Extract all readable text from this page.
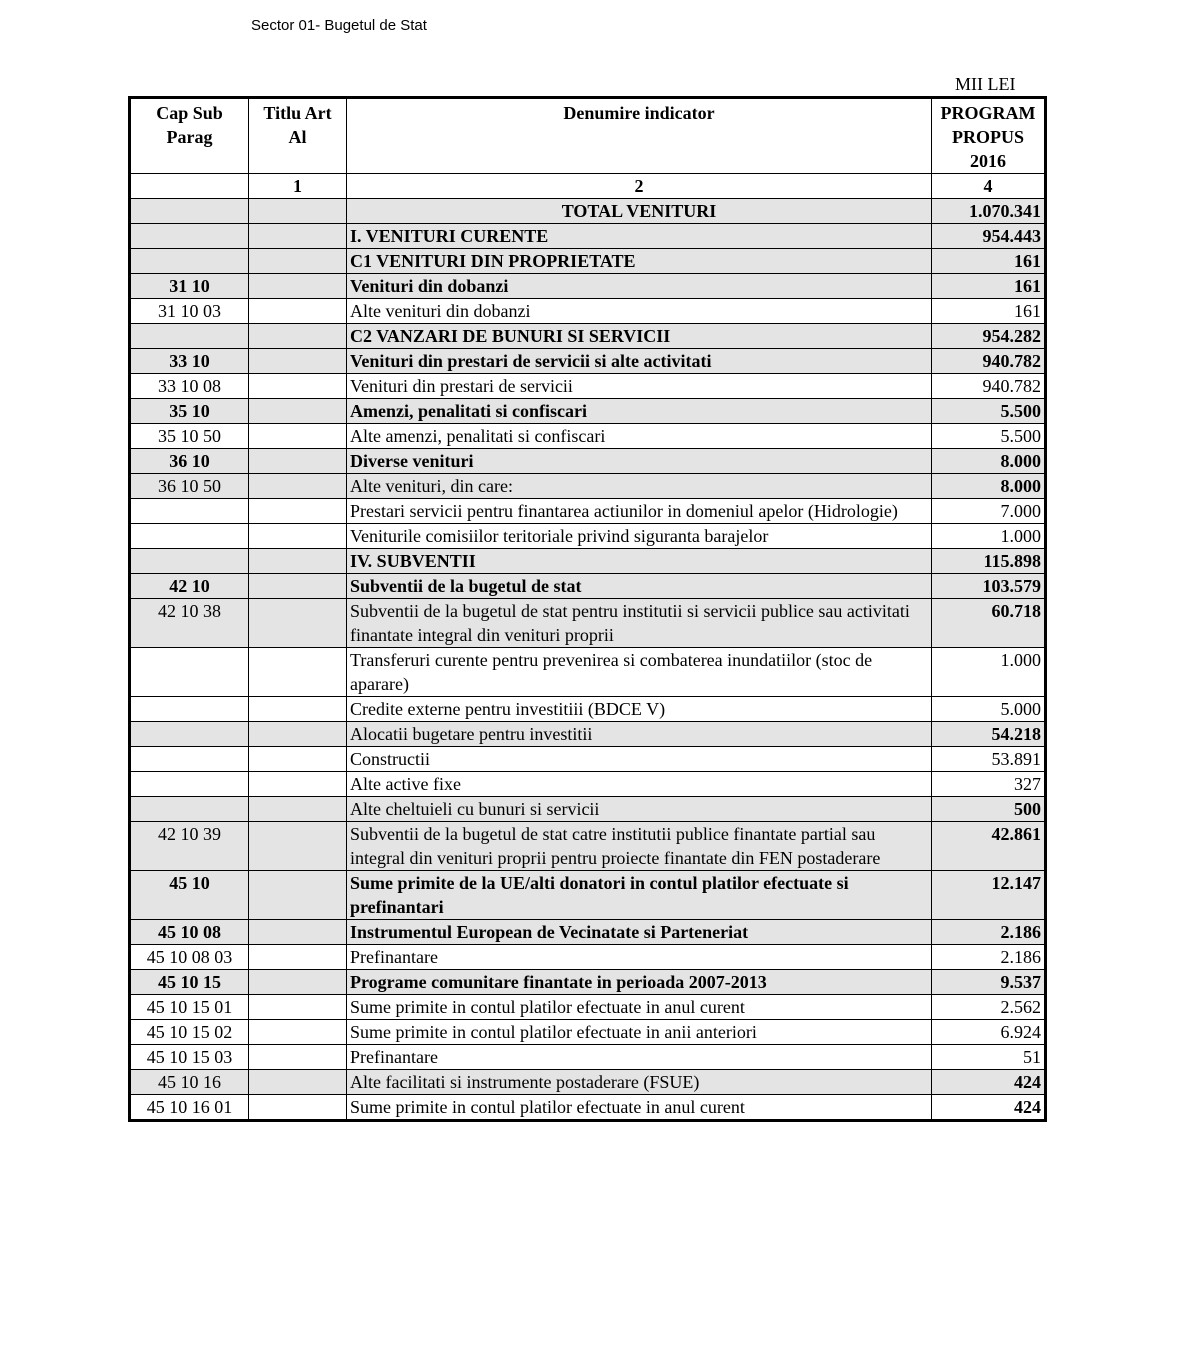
Sector 01- Bugetul de Stat
MII LEI
Cap Sub Parag	Titlu Art Al	Denumire indicator	PROGRAM PROPUS 2016
	1	2	4
		TOTAL VENITURI	1.070.341
		I. VENITURI CURENTE	954.443
		C1 VENITURI DIN PROPRIETATE	161
31 10		Venituri din dobanzi	161
31 10 03		Alte venituri din dobanzi	161
		C2 VANZARI DE BUNURI SI SERVICII	954.282
33 10		Venituri din prestari de servicii si alte activitati	940.782
33 10 08		Venituri din prestari de servicii	940.782
35 10		Amenzi, penalitati si confiscari	5.500
35 10 50		Alte amenzi, penalitati si confiscari	5.500
36 10		Diverse venituri	8.000
36 10 50		Alte venituri, din care:	8.000
		Prestari servicii pentru finantarea actiunilor in domeniul apelor (Hidrologie)	7.000
		Veniturile comisiilor teritoriale privind siguranta barajelor	1.000
		IV. SUBVENTII	115.898
42 10		Subventii de la bugetul de stat	103.579
42 10 38		Subventii de la bugetul de stat pentru institutii si servicii publice sau activitati finantate integral din venituri proprii	60.718
		Transferuri curente pentru prevenirea si combaterea inundatiilor (stoc de aparare)	1.000
		Credite externe pentru investitiii (BDCE V)	5.000
		Alocatii bugetare pentru investitii	54.218
		Constructii	53.891
		Alte active fixe	327
		Alte cheltuieli cu bunuri si servicii	500
42 10 39		Subventii de la bugetul de stat catre institutii publice finantate partial sau integral din venituri proprii pentru proiecte finantate din FEN postaderare	42.861
45 10		Sume primite de la UE/alti donatori in contul platilor efectuate si prefinantari	12.147
45 10 08		Instrumentul European de Vecinatate si Parteneriat	2.186
45 10 08 03		Prefinantare	2.186
45 10 15		Programe comunitare finantate in perioada 2007-2013	9.537
45 10 15 01		Sume primite in contul platilor efectuate in anul curent	2.562
45 10 15 02		Sume primite in contul platilor efectuate in anii anteriori	6.924
45 10 15 03		Prefinantare	51
45 10 16		Alte facilitati si instrumente postaderare (FSUE)	424
45 10 16 01		Sume primite in contul platilor efectuate in anul curent	424
